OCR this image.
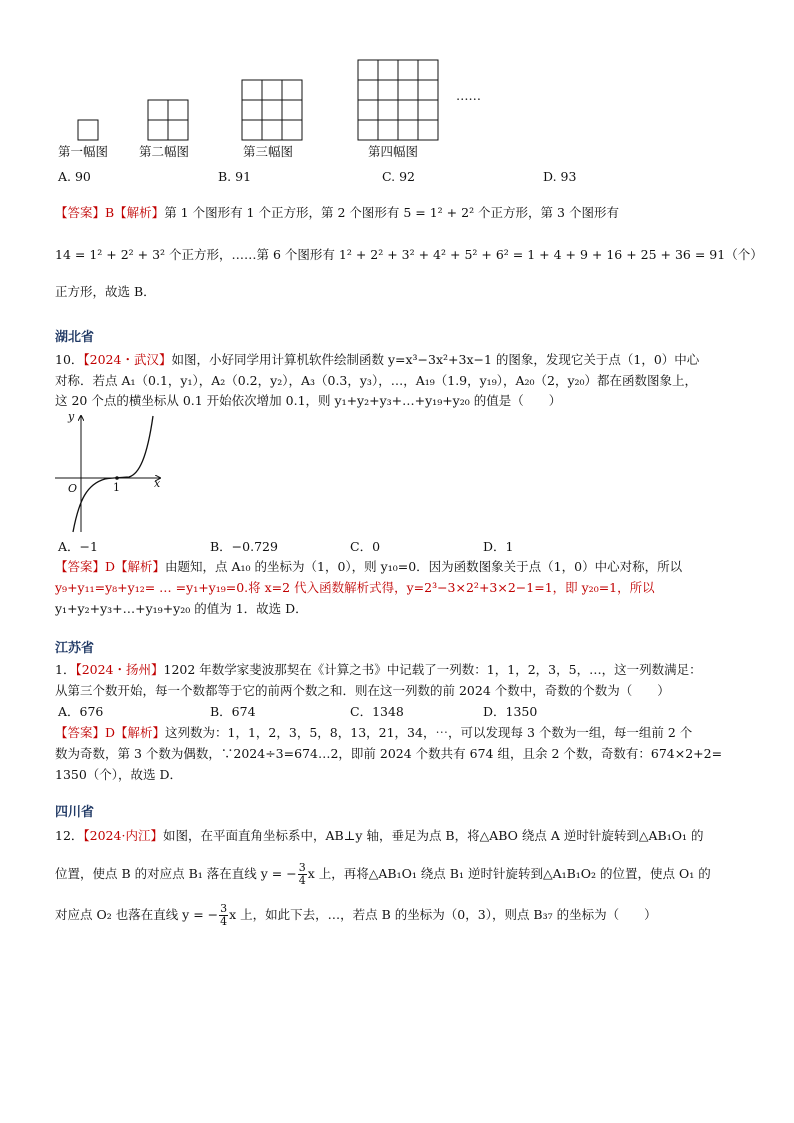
……
第一幅图 第二幅图	第三幅图	第四幅图
A. 90	B. 91	C. 92	D. 93
【答案】B【解析】第 1 个图形有 1 个正方形，第 2 个图形有 5 = 1² + 2² 个正方形，第 3 个图形有
14 = 1² + 2² + 3² 个正方形，……第 6 个图形有 1² + 2² + 3² + 4² + 5² + 6² = 1 + 4 + 9 + 16 + 25 + 36 = 91（个）
正方形，故选 B．
湖北省
10．【2024・武汉】如图，小好同学用计算机软件绘制函数 y=x³−3x²+3x−1 的图象，发现它关于点（1，0）中心
对称．若点 A₁（0.1，y₁），A₂（0.2，y₂），A₃（0.3，y₃），…，A₁₉（1.9，y₁₉），A₂₀（2，y₂₀）都在函数图象上，
这 20 个点的横坐标从 0.1 开始依次增加 0.1，则 y₁+y₂+y₃+…+y₁₉+y₂₀ 的值是（　　）
y
x
O	1
A．−1	B．−0.729	C．0	D．1
【答案】D【解析】由题知，点 A₁₀ 的坐标为（1，0），则 y₁₀=0．因为函数图象关于点（1，0）中心对称，所以
y₉+y₁₁=y₈+y₁₂= … =y₁+y₁₉=0.将 x=2 代入函数解析式得，y=2³−3×2²+3×2−1=1，即 y₂₀=1，所以
y₁+y₂+y₃+…+y₁₉+y₂₀ 的值为 1．故选 D．
江苏省
1．【2024・扬州】1202 年数学家斐波那契在《计算之书》中记载了一列数：1，1，2，3，5，…，这一列数满足：
从第三个数开始，每一个数都等于它的前两个数之和．则在这一列数的前 2024 个数中，奇数的个数为（　　）
A．676	B．674	C．1348	D．1350
【答案】D【解析】这列数为：1，1，2，3，5，8，13，21，34，⋯，可以发现每 3 个数为一组，每一组前 2 个
数为奇数，第 3 个数为偶数，∵2024÷3=674…2，即前 2024 个数共有 674 组，且余 2 个数，奇数有：674×2+2=
1350（个），故选 D．
四川省
12．【2024·内江】如图，在平面直角坐标系中，AB⊥y 轴，垂足为点 B，将△ABO 绕点 A 逆时针旋转到△AB₁O₁ 的
位置，使点 B 的对应点 B₁ 落在直线 y = − $\frac{3}{4}$ x 上，再将△AB₁O₁ 绕点 B₁ 逆时针旋转到△A₁B₁O₂ 的位置，使点 O₁ 的
对应点 O₂ 也落在直线 y = − $\frac{3}{4}$ x 上，如此下去，…，若点 B 的坐标为（0，3），则点 B₃₇ 的坐标为（　　）
